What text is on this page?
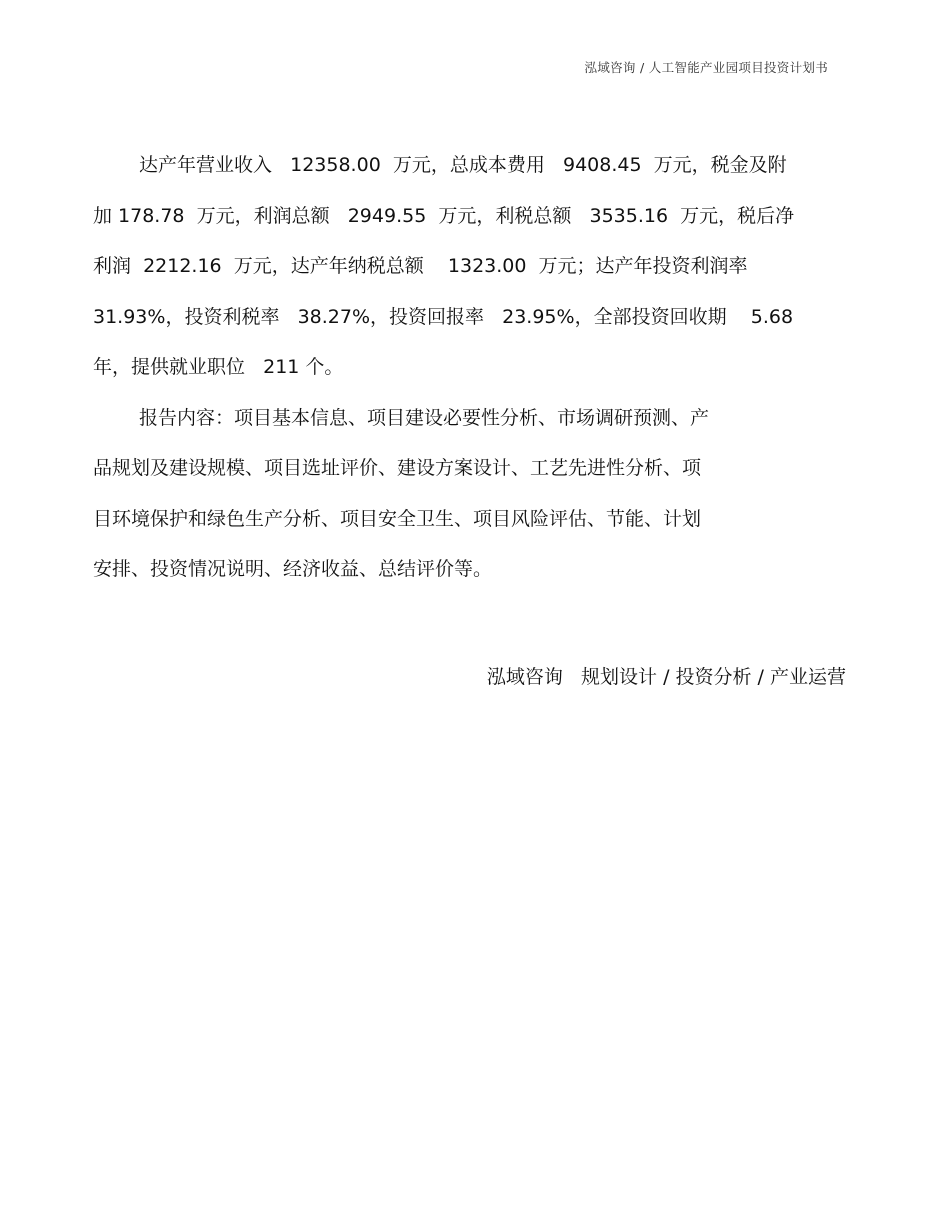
泓域咨询 / 人工智能产业园项目投资计划书
达产年营业收入   12358.00  万元，总成本费用   9408.45  万元，税金及附
加 178.78  万元，利润总额   2949.55  万元，利税总额   3535.16  万元，税后净
利润  2212.16  万元，达产年纳税总额    1323.00  万元；达产年投资利润率
31.93%，投资利税率   38.27%，投资回报率   23.95%，全部投资回收期    5.68
年，提供就业职位   211 个。
报告内容：项目基本信息、项目建设必要性分析、市场调研预测、产
品规划及建设规模、项目选址评价、建设方案设计、工艺先进性分析、项
目环境保护和绿色生产分析、项目安全卫生、项目风险评估、节能、计划
安排、投资情况说明、经济收益、总结评价等。
泓域咨询   规划设计 / 投资分析 / 产业运营
